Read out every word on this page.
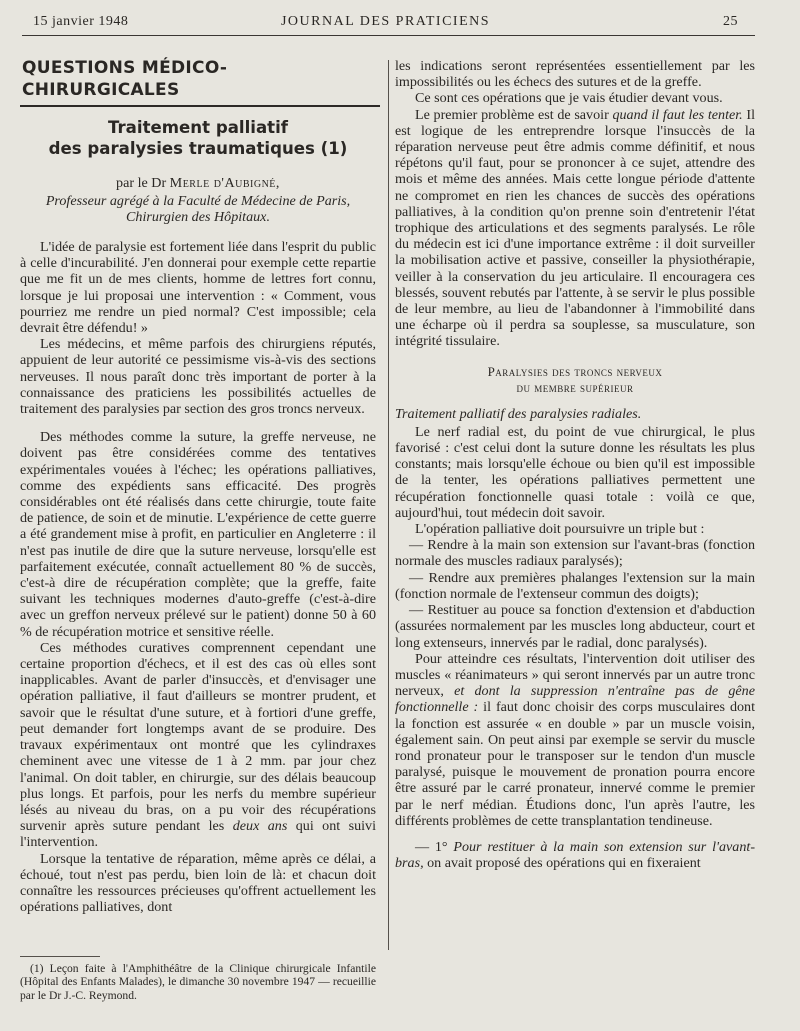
15 janvier 1948	JOURNAL DES PRATICIENS	25
QUESTIONS MÉDICO-CHIRURGICALES
Traitement palliatif
des paralysies traumatiques (1)
par le Dr Merle d'Aubigné,
Professeur agrégé à la Faculté de Médecine de Paris,
Chirurgien des Hôpitaux.

L'idée de paralysie est fortement liée dans l'esprit du public à celle d'incurabilité. J'en donnerai pour exemple cette repartie que me fit un de mes clients, homme de lettres fort connu, lorsque je lui proposai une intervention : « Comment, vous pourriez me rendre un pied normal? C'est impossible; cela devrait être défendu! »

Les médecins, et même parfois des chirurgiens réputés, appuient de leur autorité ce pessimisme vis-à-vis des sections nerveuses. Il nous paraît donc très important de porter à la connaissance des praticiens les possibilités actuelles de traitement des paralysies par section des gros troncs nerveux.

Des méthodes comme la suture, la greffe nerveuse, ne doivent pas être considérées comme des tentatives expérimentales vouées à l'échec; les opérations palliatives, comme des expédients sans efficacité. Des progrès considérables ont été réalisés dans cette chirurgie, toute faite de patience, de soin et de minutie. L'expérience de cette guerre a été grandement mise à profit, en particulier en Angleterre : il n'est pas inutile de dire que la suture nerveuse, lorsqu'elle est parfaitement exécutée, connaît actuellement 80 % de succès, c'est-à dire de récupération complète; que la greffe, faite suivant les techniques modernes d'auto-greffe (c'est-à-dire avec un greffon nerveux prélevé sur le patient) donne 50 à 60 % de récupération motrice et sensitive réelle.

Ces méthodes curatives comprennent cependant une certaine proportion d'échecs, et il est des cas où elles sont inapplicables. Avant de parler d'insuccès, et d'envisager une opération palliative, il faut d'ailleurs se montrer prudent, et savoir que le résultat d'une suture, et à fortiori d'une greffe, peut demander fort longtemps avant de se produire. Des travaux expérimentaux ont montré que les cylindraxes cheminent avec une vitesse de 1 à 2 mm. par jour chez l'animal. On doit tabler, en chirurgie, sur des délais beaucoup plus longs. Et parfois, pour les nerfs du membre supérieur lésés au niveau du bras, on a pu voir des récupérations survenir après suture pendant les deux ans qui ont suivi l'intervention.

Lorsque la tentative de réparation, même après ce délai, a échoué, tout n'est pas perdu, bien loin de là: et chacun doit connaître les ressources précieuses qu'offrent actuellement les opérations palliatives, dont

(1) Leçon faite à l'Amphithéâtre de la Clinique chirurgicale Infantile (Hôpital des Enfants Malades), le dimanche 30 novembre 1947 — recueillie par le Dr J.-C. Reymond.

les indications seront représentées essentiellement par les impossibilités ou les échecs des sutures et de la greffe.

Ce sont ces opérations que je vais étudier devant vous.

Le premier problème est de savoir quand il faut les tenter. Il est logique de les entreprendre lorsque l'insuccès de la réparation nerveuse peut être admis comme définitif, et nous répétons qu'il faut, pour se prononcer à ce sujet, attendre des mois et même des années. Mais cette longue période d'attente ne compromet en rien les chances de succès des opérations palliatives, à la condition qu'on prenne soin d'entretenir l'état trophique des articulations et des segments paralysés. Le rôle du médecin est ici d'une importance extrême : il doit surveiller la mobilisation active et passive, conseiller la physiothérapie, veiller à la conservation du jeu articulaire. Il encouragera ces blessés, souvent rebutés par l'attente, à se servir le plus possible de leur membre, au lieu de l'abandonner à l'immobilité dans une écharpe où il perdra sa souplesse, sa musculature, son intégrité tissulaire.

Paralysies des troncs nerveux
du membre supérieur
Traitement palliatif des paralysies radiales.

Le nerf radial est, du point de vue chirurgical, le plus favorisé : c'est celui dont la suture donne les résultats les plus constants; mais lorsqu'elle échoue ou bien qu'il est impossible de la tenter, les opérations palliatives permettent une récupération fonctionnelle quasi totale : voilà ce que, aujourd'hui, tout médecin doit savoir.

L'opération palliative doit poursuivre un triple but :

— Rendre à la main son extension sur l'avant-bras (fonction normale des muscles radiaux paralysés);

— Rendre aux premières phalanges l'extension sur la main (fonction normale de l'extenseur commun des doigts);

— Restituer au pouce sa fonction d'extension et d'abduction (assurées normalement par les muscles long abducteur, court et long extenseurs, innervés par le radial, donc paralysés).

Pour atteindre ces résultats, l'intervention doit utiliser des muscles « réanimateurs » qui seront innervés par un autre tronc nerveux, et dont la suppression n'entraîne pas de gêne fonctionnelle : il faut donc choisir des corps musculaires dont la fonction est assurée « en double » par un muscle voisin, également sain. On peut ainsi par exemple se servir du muscle rond pronateur pour le transposer sur le tendon d'un muscle paralysé, puisque le mouvement de pronation pourra encore être assuré par le carré pronateur, innervé comme le premier par le nerf médian. Étudions donc, l'un après l'autre, les différents problèmes de cette transplantation tendineuse.

— 1° Pour restituer à la main son extension sur l'avant-bras, on avait proposé des opérations qui en fixeraient
